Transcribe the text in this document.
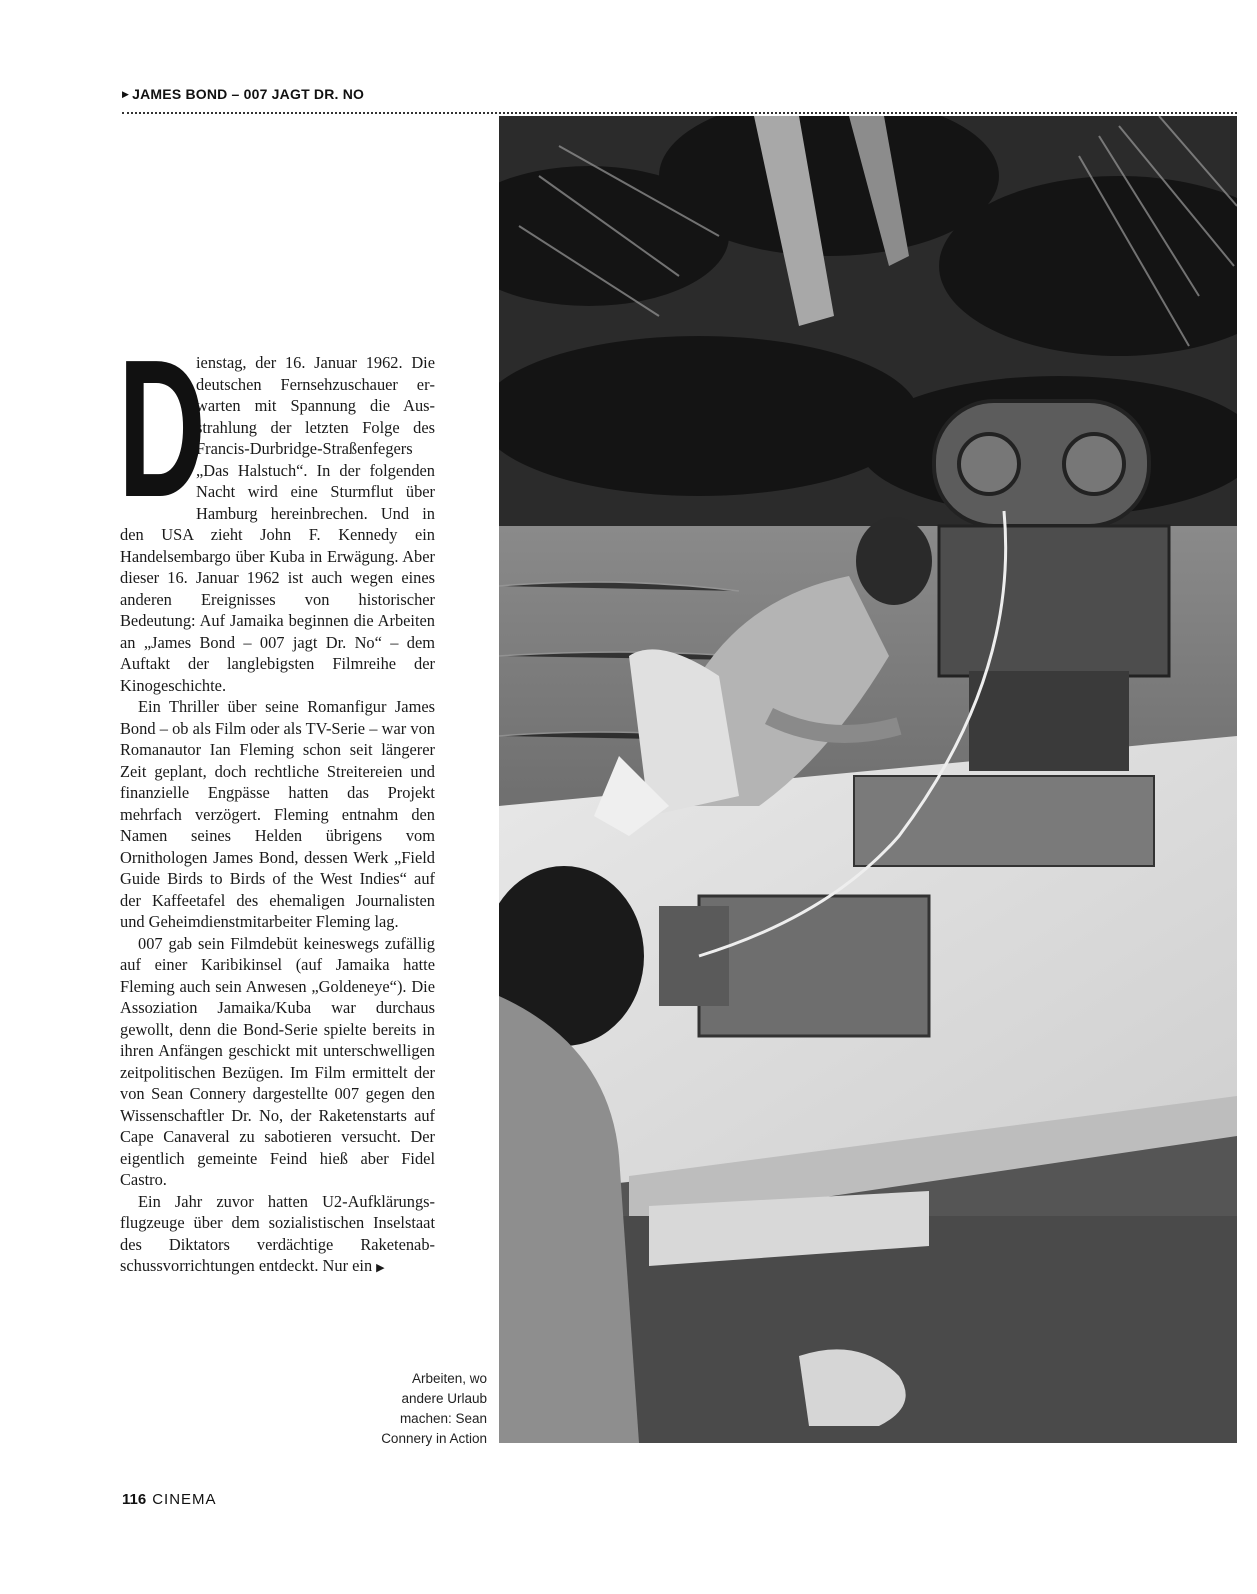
▶ JAMES BOND – 007 JAGT DR. NO

D
ienstag, der 16. Januar 1962. Die deutschen Fernsehzuschauer erwarten mit Spannung die Ausstrahlung der letzten Folge des Francis-Durbridge-Straßenfegers „Das Halstuch“. In der folgenden Nacht wird eine Sturmflut über Hamburg hereinbrechen. Und in den USA zieht John F. Kennedy ein Handelsembargo über Kuba in Erwägung. Aber dieser 16. Januar 1962 ist auch wegen eines anderen Ereignisses von historischer Bedeutung: Auf Jamaika beginnen die Arbeiten an „James Bond – 007 jagt Dr. No“ – dem Auftakt der langlebigsten Filmreihe der Kinogeschichte.

Ein Thriller über seine Romanfigur James Bond – ob als Film oder als TV-Serie – war von Romanautor Ian Fleming schon seit längerer Zeit geplant, doch rechtliche Streitereien und finanzielle Engpässe hatten das Projekt mehrfach verzögert. Fleming entnahm den Namen seines Helden übrigens vom Ornithologen James Bond, dessen Werk „Field Guide Birds to Birds of the West Indies“ auf der Kaffeetafel des ehemaligen Journalisten und Geheimdienstmitarbeiter Fleming lag.

007 gab sein Filmdebüt keineswegs zufällig auf einer Karibikinsel (auf Jamaika hatte Fleming auch sein Anwesen „Goldeneye“). Die Assoziation Jamaika/Kuba war durchaus gewollt, denn die Bond-Serie spielte bereits in ihren Anfängen geschickt mit unterschwelligen zeitpolitischen Bezügen. Im Film ermittelt der von Sean Connery dargestellte 007 gegen den Wissenschaftler Dr. No, der Raketenstarts auf Cape Canaveral zu sabotieren versucht. Der eigentlich gemeinte Feind hieß aber Fidel Castro.

Ein Jahr zuvor hatten U2-Aufklärungsflugzeuge über dem sozialistischen Inselstaat des Diktators verdächtige Raketenabschussvorrichtungen entdeckt. Nur ein ▶

Arbeiten, wo
andere Urlaub
machen: Sean
Connery in Action
116 CINEMA
